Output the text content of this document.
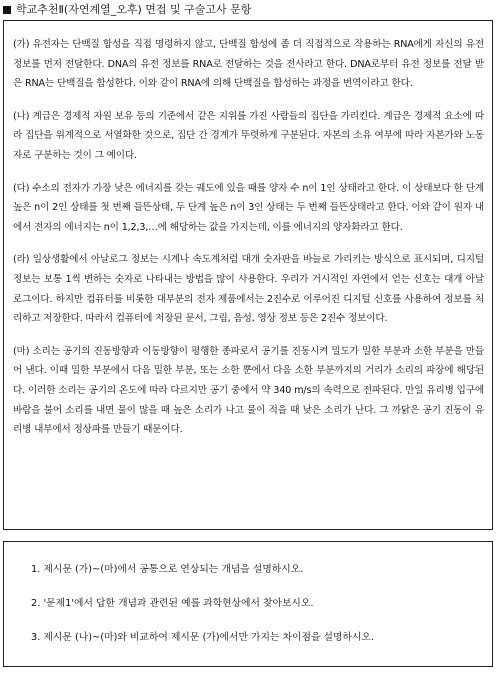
학교추천Ⅱ(자연계열_오후) 면접 및 구술고사 문항

(가) 유전자는 단백질 합성을 직접 명령하지 않고, 단백질 합성에 좀 더 직접적으로 작용하는 RNA에게 자신의 유전 정보를 먼저 전달한다. DNA의 유전 정보를 RNA로 전달하는 것을 전사라고 한다. DNA로부터 유전 정보를 전달 받은 RNA는 단백질을 합성한다. 이와 같이 RNA에 의해 단백질을 합성하는 과정을 번역이라고 한다.

(나) 계급은 경제적 자원 보유 등의 기준에서 같은 지위를 가진 사람들의 집단을 가리킨다. 계급은 경제적 요소에 따라 집단을 위계적으로 서열화한 것으로, 집단 간 경계가 뚜렷하게 구분된다. 자본의 소유 여부에 따라 자본가와 노동자로 구분하는 것이 그 예이다.

(다) 수소의 전자가 가장 낮은 에너지를 갖는 궤도에 있을 때를 양자 수 n이 1인 상태라고 한다. 이 상태보다 한 단계 높은 n이 2인 상태를 첫 번째 들뜬상태, 두 단계 높은 n이 3인 상태는 두 번째 들뜬상태라고 한다. 이와 같이 원자 내에서 전자의 에너지는 n이 1,2,3,…에 해당하는 값을 가지는데, 이를 에너지의 양자화라고 한다.

(라) 일상생활에서 아날로그 정보는 시계나 속도계처럼 대개 숫자판을 바늘로 가리키는 방식으로 표시되며, 디지털 정보는 보통 1씩 변하는 숫자로 나타내는 방법을 많이 사용한다. 우리가 거시적인 자연에서 얻는 신호는 대개 아날로그이다. 하지만 컴퓨터를 비롯한 대부분의 전자 제품에서는 2진수로 이루어진 디지털 신호를 사용하여 정보를 처리하고 저장한다. 따라서 컴퓨터에 저장된 문서, 그림, 음성, 영상 정보 등은 2진수 정보이다.

(마) 소리는 공기의 진동방향과 이동방향이 평행한 종파로서 공기를 진동시켜 밀도가 밀한 부분과 소한 부분을 만들어 낸다. 이때 밀한 부분에서 다음 밀한 부분, 또는 소한 뿐에서 다음 소한 부분까지의 거리가 소리의 파장에 해당된다. 이러한 소리는 공기의 온도에 따라 다르지만 공기 중에서 약 340 m/s의 속력으로 전파된다. 만일 유리병 입구에 바람을 불어 소리를 내면 물이 많을 때 높은 소리가 나고 물이 적을 때 낮은 소리가 난다. 그 까닭은 공기 진동이 유리병 내부에서 정상파를 만들기 때문이다.

1. 제시문 (가)~(마)에서 공통으로 연상되는 개념을 설명하시오.

2. '문제1'에서 답한 개념과 관련된 예를 과학현상에서 찾아보시오.

3. 제시문 (나)~(마)와 비교하여 제시문 (가)에서만 가지는 차이점을 설명하시오.
